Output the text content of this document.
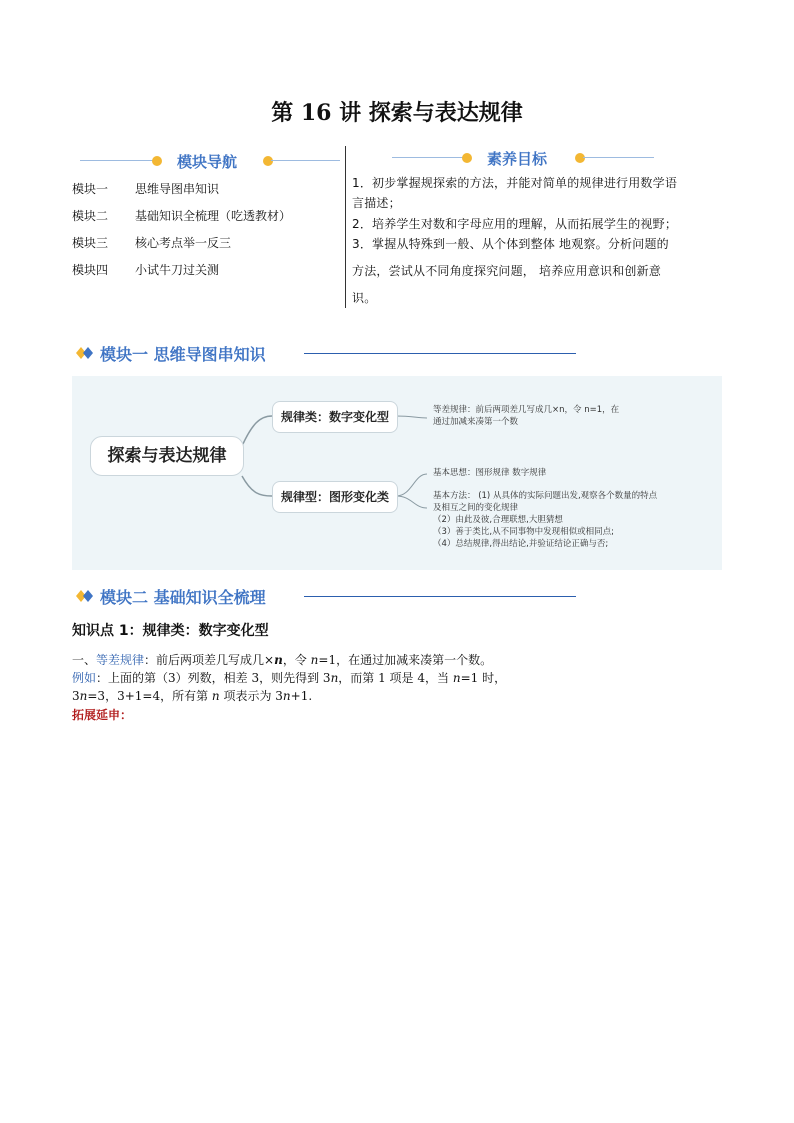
第 16 讲 探索与表达规律
模块导航
模块一 思维导图串知识
模块二 基础知识全梳理（吃透教材）
模块三 核心考点举一反三
模块四 小试牛刀过关测
素养目标

1．初步掌握规探索的方法，并能对简单的规律进行用数学语

言描述；

2．培养学生对数和字母应用的理解，从而拓展学生的视野；

3．掌握从特殊到一般、从个体到整体 地观察。分析问题的

方法，尝试从不同角度探究问题， 培养应用意识和创新意

识。

模块一 思维导图串知识
探索与表达规律
规律类：数字变化型
规律型：图形变化类
等差规律：前后两项差几写成几×n，令 n=1，在
通过加减来凑第一个数
基本思想：图形规律 数字规律
基本方法： (1) 从具体的实际问题出发,观察各个数量的特点
及相互之间的变化规律
（2）由此及彼,合理联想,大胆猜想
（3）善于类比,从不同事物中发现相似或相同点;
（4）总结规律,得出结论,并验证结论正确与否;
模块二 基础知识全梳理
知识点 1：规律类：数字变化型
一、等差规律：前后两项差几写成几×n，令 n=1，在通过加减来凑第一个数。
例如：上面的第（3）列数，相差 3，则先得到 3n，而第 1 项是 4，当 n=1 时，
3n=3，3+1=4，所有第 n 项表示为 3n+1.
拓展延申：
